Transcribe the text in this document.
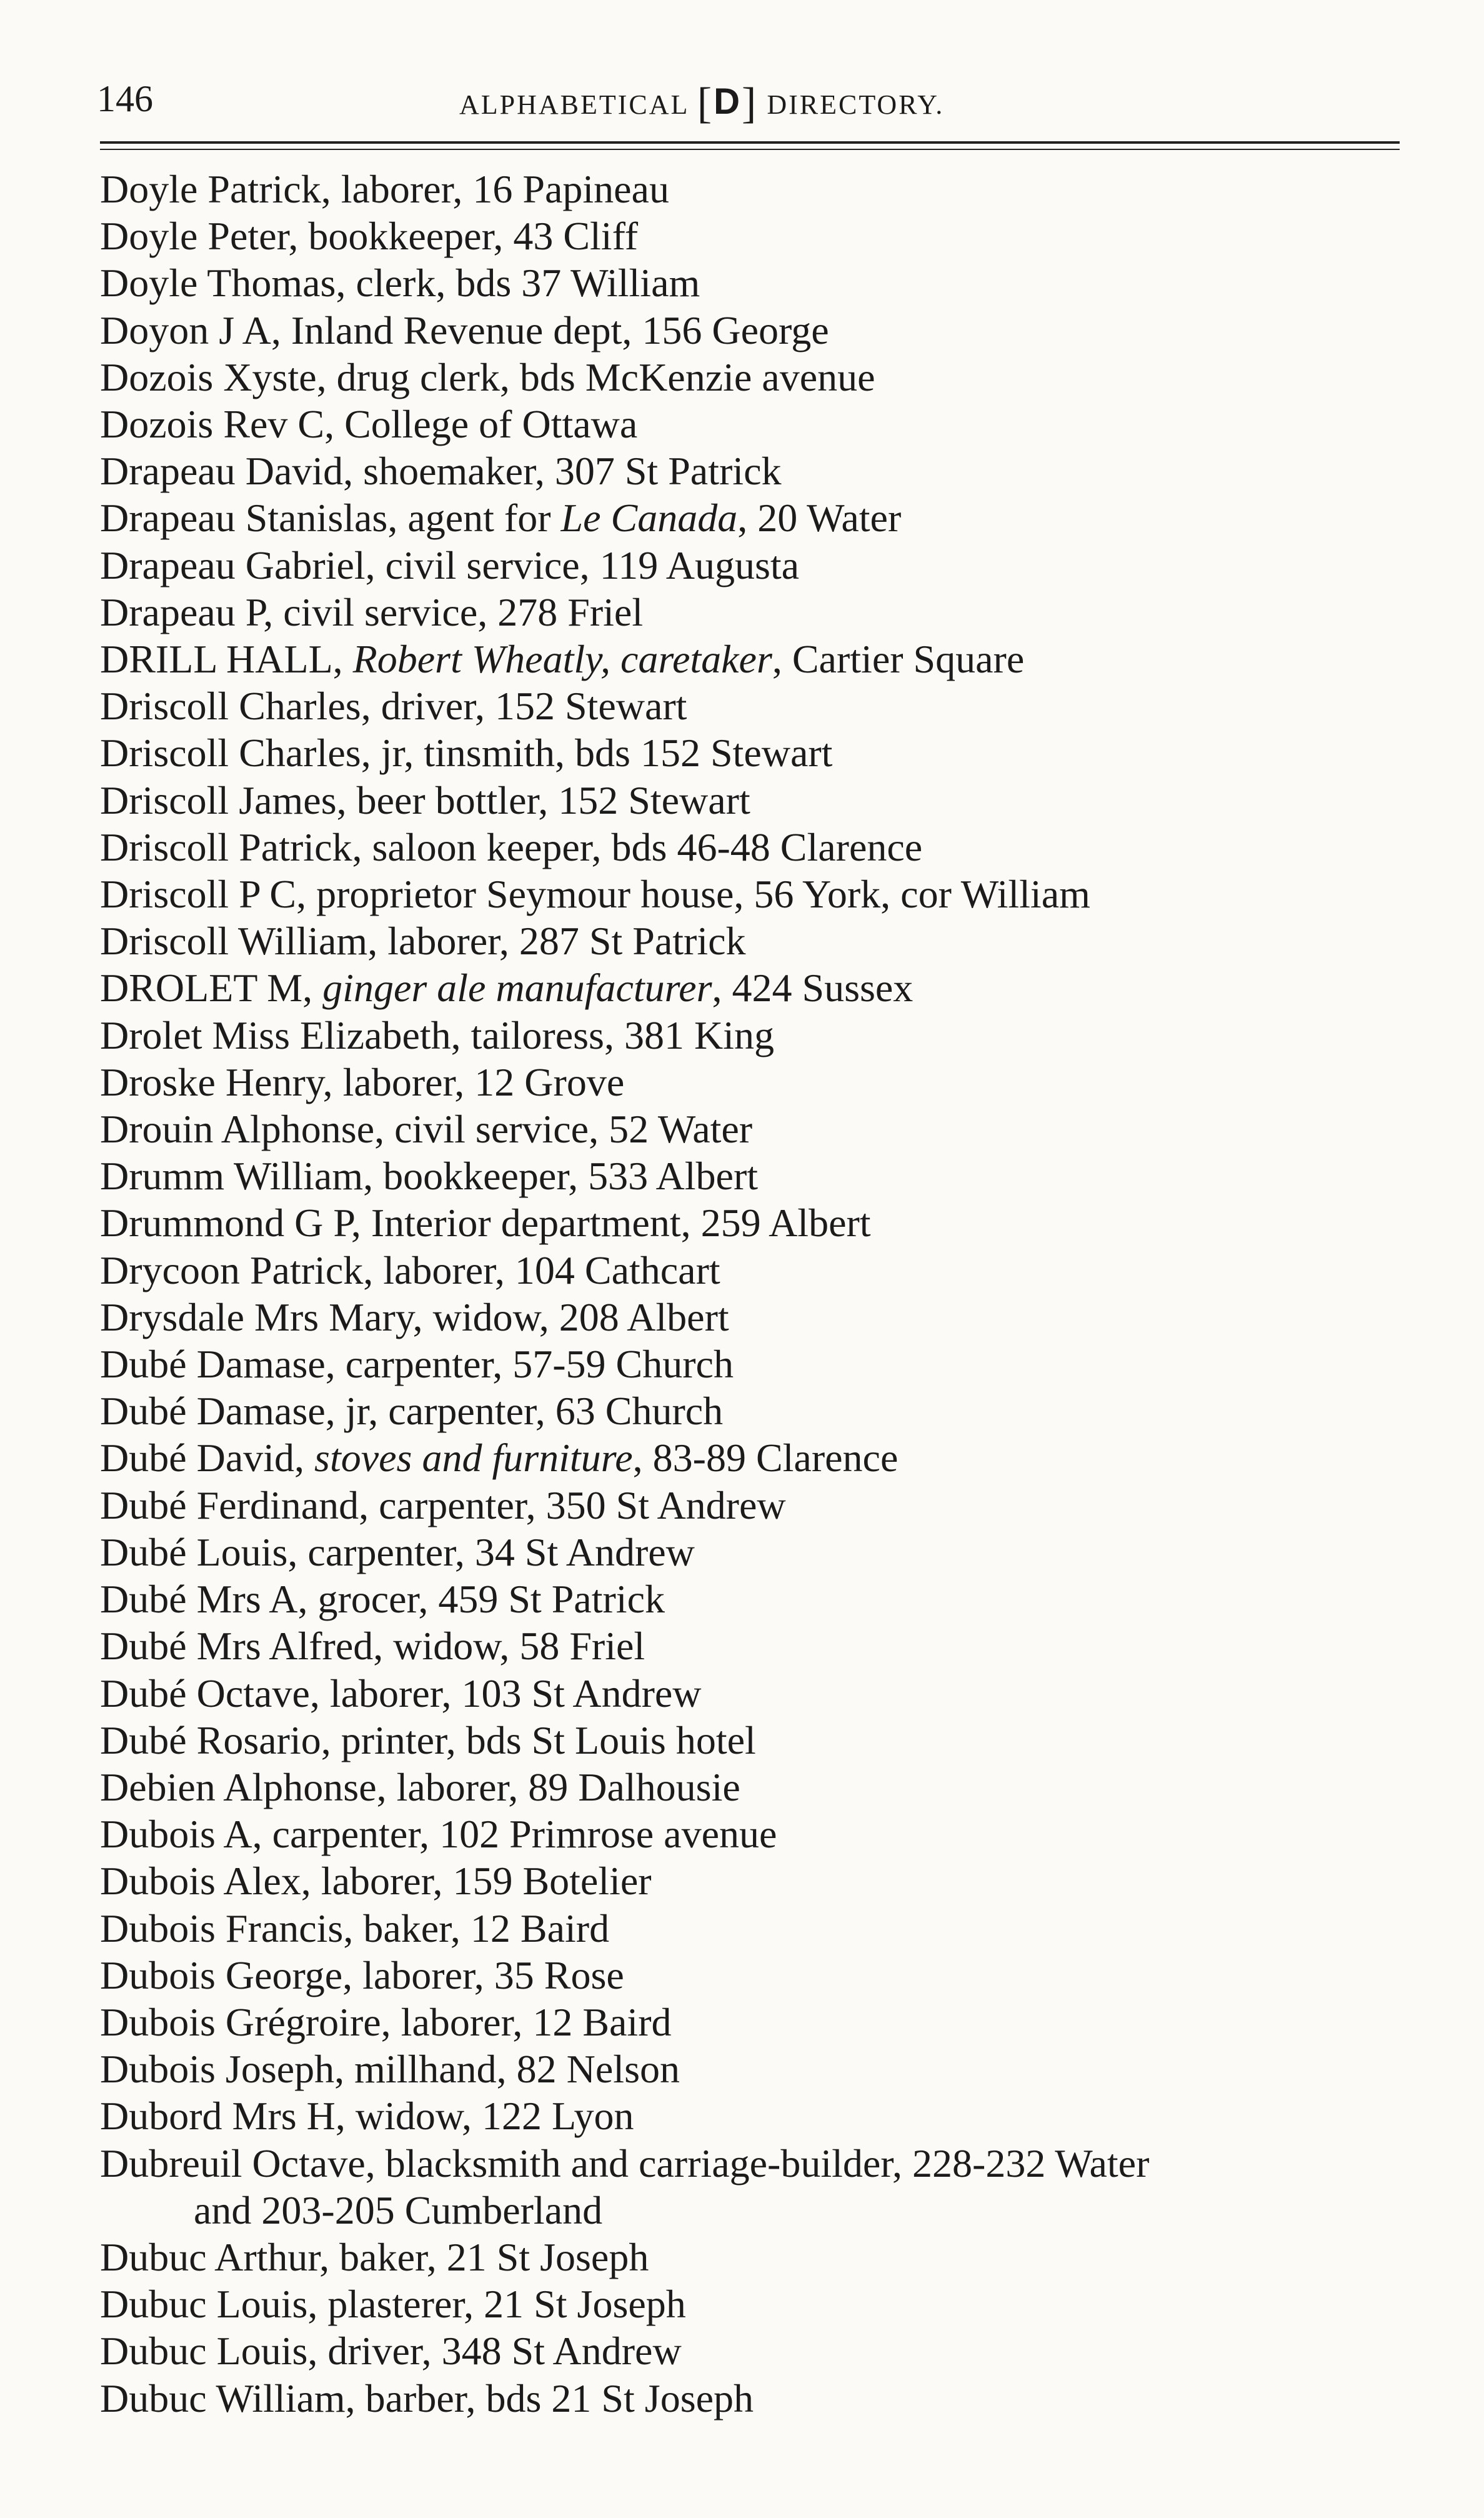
146	ALPHABETICAL [D] DIRECTORY.
Doyle Patrick, laborer, 16 Papineau
Doyle Peter, bookkeeper, 43 Cliff
Doyle Thomas, clerk, bds 37 William
Doyon J A, Inland Revenue dept, 156 George
Dozois Xyste, drug clerk, bds McKenzie avenue
Dozois Rev C, College of Ottawa
Drapeau David, shoemaker, 307 St Patrick
Drapeau Stanislas, agent for Le Canada, 20 Water
Drapeau Gabriel, civil service, 119 Augusta
Drapeau P, civil service, 278 Friel
DRILL HALL, Robert Wheatly, caretaker, Cartier Square
Driscoll Charles, driver, 152 Stewart
Driscoll Charles, jr, tinsmith, bds 152 Stewart
Driscoll James, beer bottler, 152 Stewart
Driscoll Patrick, saloon keeper, bds 46-48 Clarence
Driscoll P C, proprietor Seymour house, 56 York, cor William
Driscoll William, laborer, 287 St Patrick
DROLET M, ginger ale manufacturer, 424 Sussex
Drolet Miss Elizabeth, tailoress, 381 King
Droske Henry, laborer, 12 Grove
Drouin Alphonse, civil service, 52 Water
Drumm William, bookkeeper, 533 Albert
Drummond G P, Interior department, 259 Albert
Drycoon Patrick, laborer, 104 Cathcart
Drysdale Mrs Mary, widow, 208 Albert
Dubé Damase, carpenter, 57-59 Church
Dubé Damase, jr, carpenter, 63 Church
Dubé David, stoves and furniture, 83-89 Clarence
Dubé Ferdinand, carpenter, 350 St Andrew
Dubé Louis, carpenter, 34 St Andrew
Dubé Mrs A, grocer, 459 St Patrick
Dubé Mrs Alfred, widow, 58 Friel
Dubé Octave, laborer, 103 St Andrew
Dubé Rosario, printer, bds St Louis hotel
Debien Alphonse, laborer, 89 Dalhousie
Dubois A, carpenter, 102 Primrose avenue
Dubois Alex, laborer, 159 Botelier
Dubois Francis, baker, 12 Baird
Dubois George, laborer, 35 Rose
Dubois Grégroire, laborer, 12 Baird
Dubois Joseph, millhand, 82 Nelson
Dubord Mrs H, widow, 122 Lyon
Dubreuil Octave, blacksmith and carriage-builder, 228-232 Water
and 203-205 Cumberland
Dubuc Arthur, baker, 21 St Joseph
Dubuc Louis, plasterer, 21 St Joseph
Dubuc Louis, driver, 348 St Andrew
Dubuc William, barber, bds 21 St Joseph
